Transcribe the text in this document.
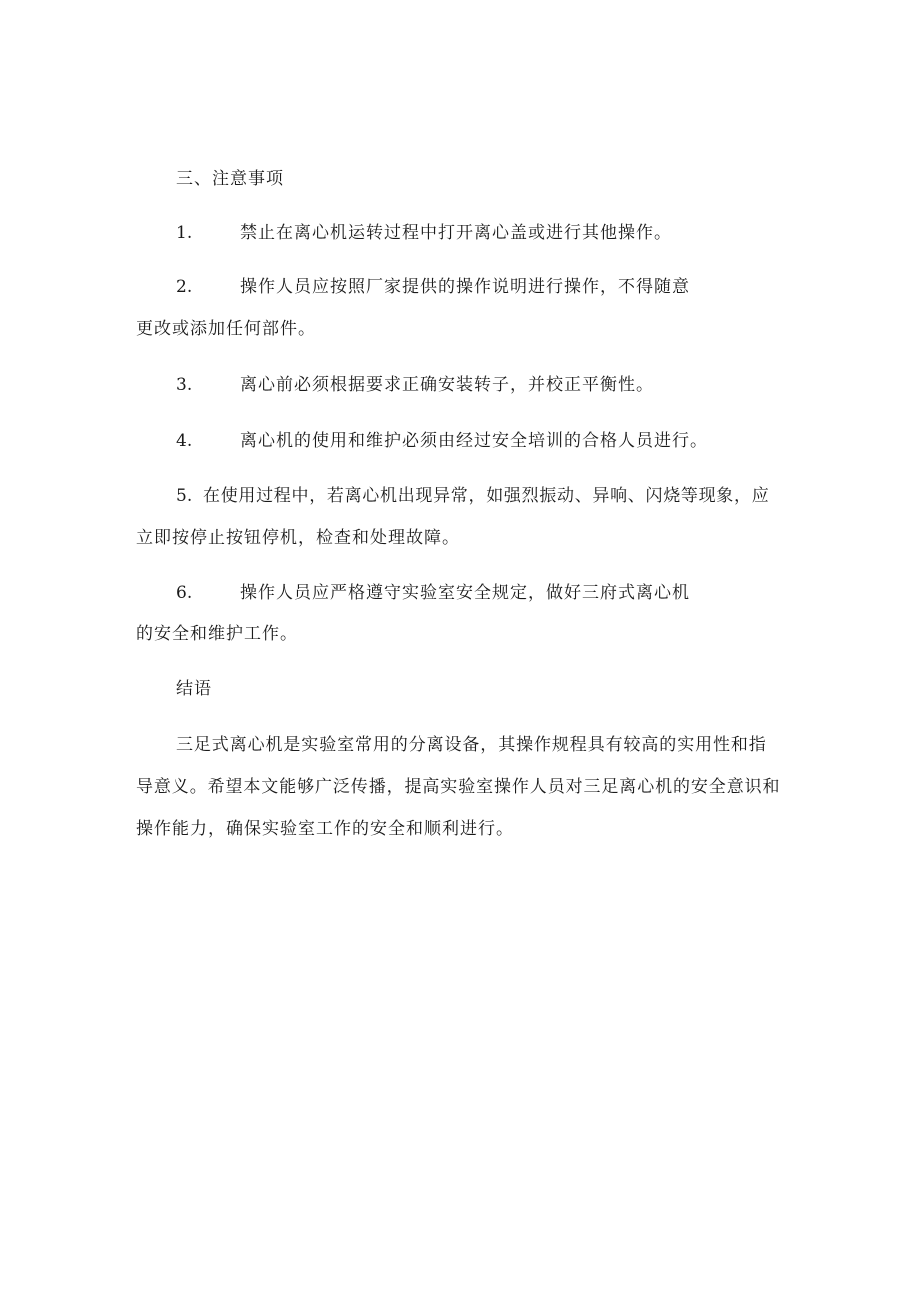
三、注意事项
1.	禁止在离心机运转过程中打开离心盖或进行其他操作。
2.	操作人员应按照厂家提供的操作说明进行操作，不得随意
更改或添加任何部件。
3.	离心前必须根据要求正确安装转子，并校正平衡性。
4.	离心机的使用和维护必须由经过安全培训的合格人员进行。
5. 在使用过程中，若离心机出现异常，如强烈振动、异响、闪烧等现象，应
立即按停止按钮停机，检查和处理故障。
6.	操作人员应严格遵守实验室安全规定，做好三府式离心机
的安全和维护工作。
结语
三足式离心机是实验室常用的分离设备，其操作规程具有较高的实用性和指
导意义。希望本文能够广泛传播，提高实验室操作人员对三足离心机的安全意识和
操作能力，确保实验室工作的安全和顺利进行。
